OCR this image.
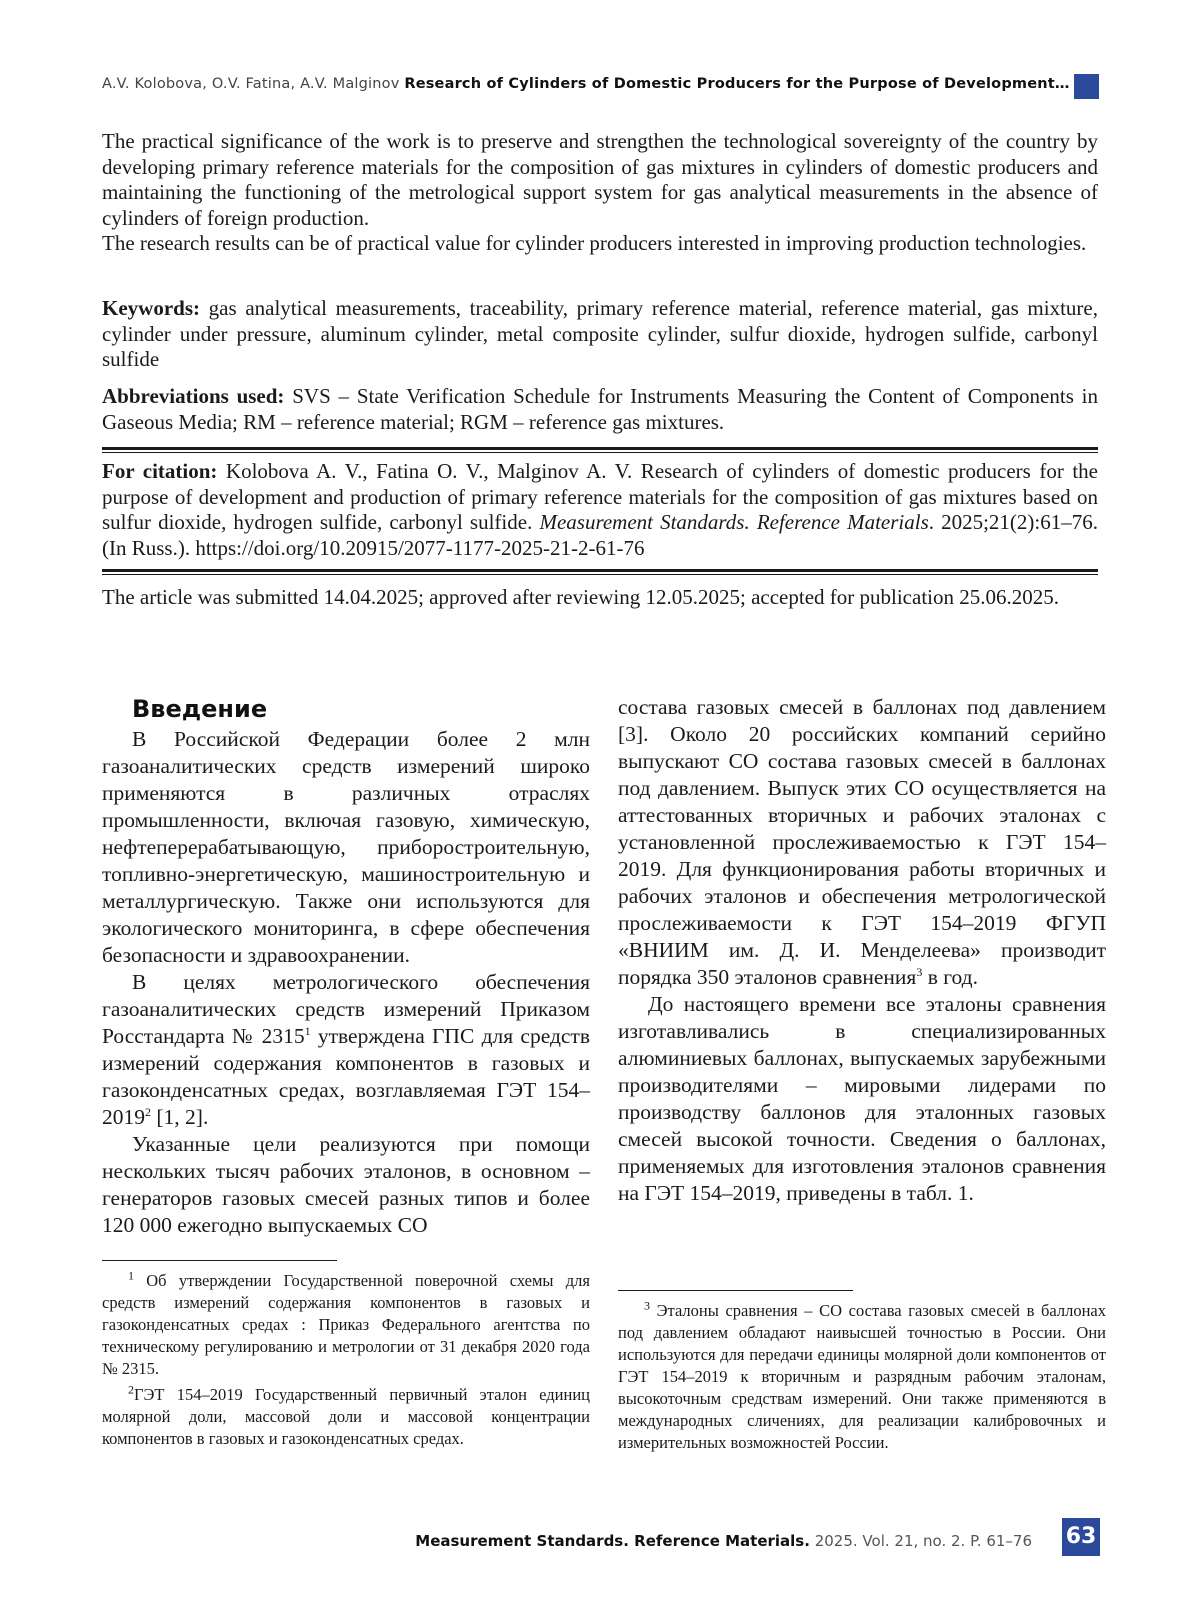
A.V. Kolobova, O.V. Fatina, A.V. Malginov Research of Cylinders of Domestic Producers for the Purpose of Development…

The practical significance of the work is to preserve and strengthen the technological sovereignty of the country by developing primary reference materials for the composition of gas mixtures in cylinders of domestic producers and maintaining the functioning of the metrological support system for gas analytical measurements in the absence of cylinders of foreign production.

The research results can be of practical value for cylinder producers interested in improving production technologies.

Keywords: gas analytical measurements, traceability, primary reference material, reference material, gas mixture, cylinder under pressure, aluminum cylinder, metal composite cylinder, sulfur dioxide, hydrogen sulfide, carbonyl sulfide

Abbreviations used: SVS – State Verification Schedule for Instruments Measuring the Content of Components in Gaseous Media; RM – reference material; RGM – reference gas mixtures.

For citation: Kolobova A. V., Fatina O. V., Malginov A. V. Research of cylinders of domestic producers for the purpose of development and production of primary reference materials for the composition of gas mixtures based on sulfur dioxide, hydrogen sulfide, carbonyl sulfide. Measurement Standards. Reference Materials. 2025;21(2):61–76. (In Russ.). https://doi.org/10.20915/2077-1177-2025-21-2-61-76

The article was submitted 14.04.2025; approved after reviewing 12.05.2025; accepted for publication 25.06.2025.

Введение

В Российской Федерации более 2 млн газоаналитических средств измерений широко применяются в различных отраслях промышленности, включая газовую, химическую, нефтеперерабатывающую, приборостроительную, топливно-энергетическую, машиностроительную и металлургическую. Также они используются для экологического мониторинга, в сфере обеспечения безопасности и здравоохранении.

В целях метрологического обеспечения газоаналитических средств измерений Приказом Росстандарта № 2315$^1$ утверждена ГПС для средств измерений содержания компонентов в газовых и газоконденсатных средах, возглавляемая ГЭТ 154–2019$^2$ [1, 2].

Указанные цели реализуются при помощи нескольких тысяч рабочих эталонов, в основном – генераторов газовых смесей разных типов и более 120 000 ежегодно выпускаемых СО

состава газовых смесей в баллонах под давлением [3]. Около 20 российских компаний серийно выпускают СО состава газовых смесей в баллонах под давлением. Выпуск этих СО осуществляется на аттестованных вторичных и рабочих эталонах с установленной прослеживаемостью к ГЭТ 154–2019. Для функционирования работы вторичных и рабочих эталонов и обеспечения метрологической прослеживаемости к ГЭТ 154–2019 ФГУП «ВНИИМ им. Д. И. Менделеева» производит порядка 350 эталонов сравнения$^3$ в год.

До настоящего времени все эталоны сравнения изготавливались в специализированных алюминиевых баллонах, выпускаемых зарубежными производителями – мировыми лидерами по производству баллонов для эталонных газовых смесей высокой точности. Сведения о баллонах, применяемых для изготовления эталонов сравнения на ГЭТ 154–2019, приведены в табл. 1.

$^1$ Об утверждении Государственной поверочной схемы для средств измерений содержания компонентов в газовых и газоконденсатных средах : Приказ Федерального агентства по техническому регулированию и метрологии от 31 декабря 2020 года № 2315.

$^2$ГЭТ 154–2019 Государственный первичный эталон единиц молярной доли, массовой доли и массовой концентрации компонентов в газовых и газоконденсатных средах.

$^3$ Эталоны сравнения – СО состава газовых смесей в баллонах под давлением обладают наивысшей точностью в России. Они используются для передачи единицы молярной доли компонентов от ГЭТ 154–2019 к вторичным и разрядным рабочим эталонам, высокоточным средствам измерений. Они также применяются в международных сличениях, для реализации калибровочных и измерительных возможностей России.

Measurement Standards. Reference Materials. 2025. Vol. 21, no. 2. P. 61–76 63
